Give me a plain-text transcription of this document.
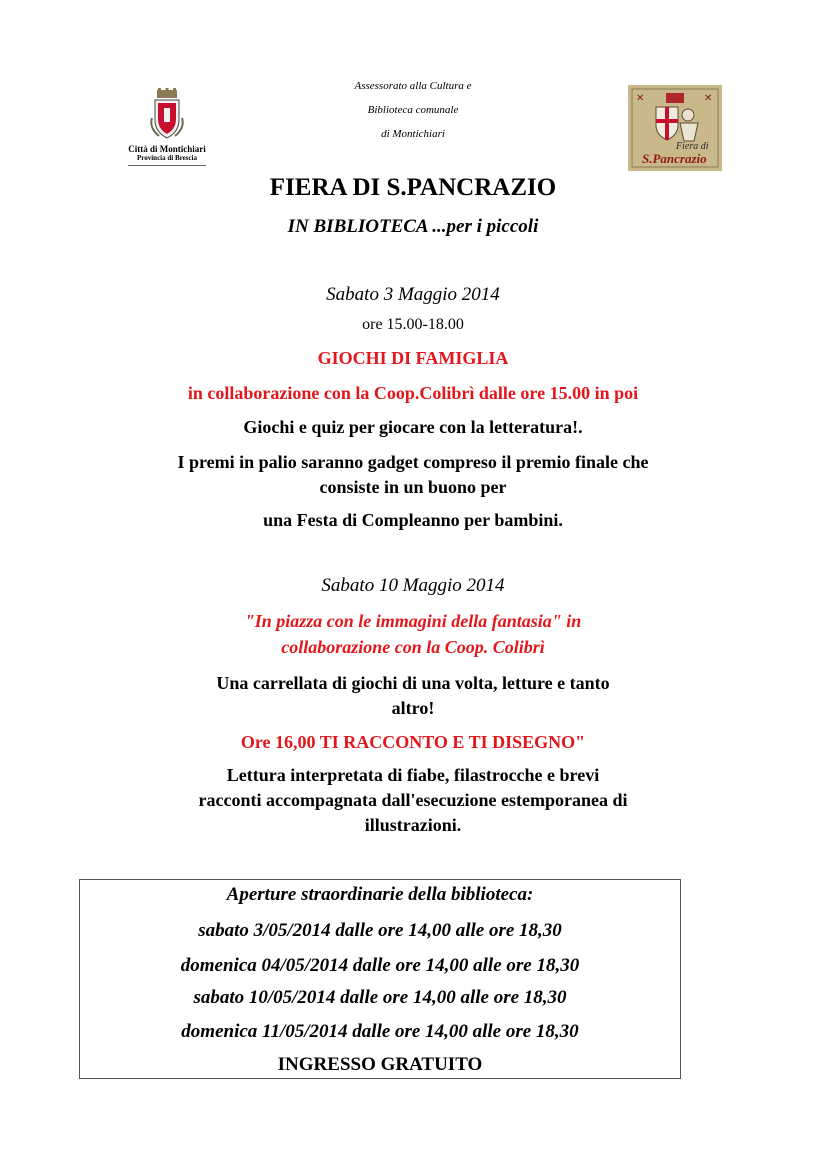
Città di Montichiari
Provincia di Brescia
Assessorato alla Cultura e
Biblioteca comunale
di Montichiari
✕	✕
Fiera di
S.Pancrazio
FIERA DI S.PANCRAZIO
IN BIBLIOTECA ...per i piccoli
Sabato 3 Maggio 2014
ore 15.00-18.00
GIOCHI DI FAMIGLIA
in collaborazione con la Coop.Colibrì dalle ore 15.00 in poi
Giochi e quiz per giocare con la letteratura!.
I premi in palio saranno gadget compreso il premio finale che
consiste in un buono per
una Festa di Compleanno per bambini.
Sabato 10 Maggio 2014
"In piazza con le immagini della fantasia" in
collaborazione con la Coop. Colibrì
Una carrellata di giochi di una volta, letture e tanto
altro!
Ore 16,00 TI RACCONTO E TI DISEGNO"
Lettura interpretata di fiabe, filastrocche e brevi
racconti accompagnata dall'esecuzione estemporanea di
illustrazioni.
Aperture straordinarie della biblioteca:
sabato 3/05/2014 dalle ore 14,00 alle ore 18,30
domenica 04/05/2014 dalle ore 14,00 alle ore 18,30
sabato 10/05/2014 dalle ore 14,00 alle ore 18,30
domenica 11/05/2014 dalle ore 14,00 alle ore 18,30
INGRESSO GRATUITO
